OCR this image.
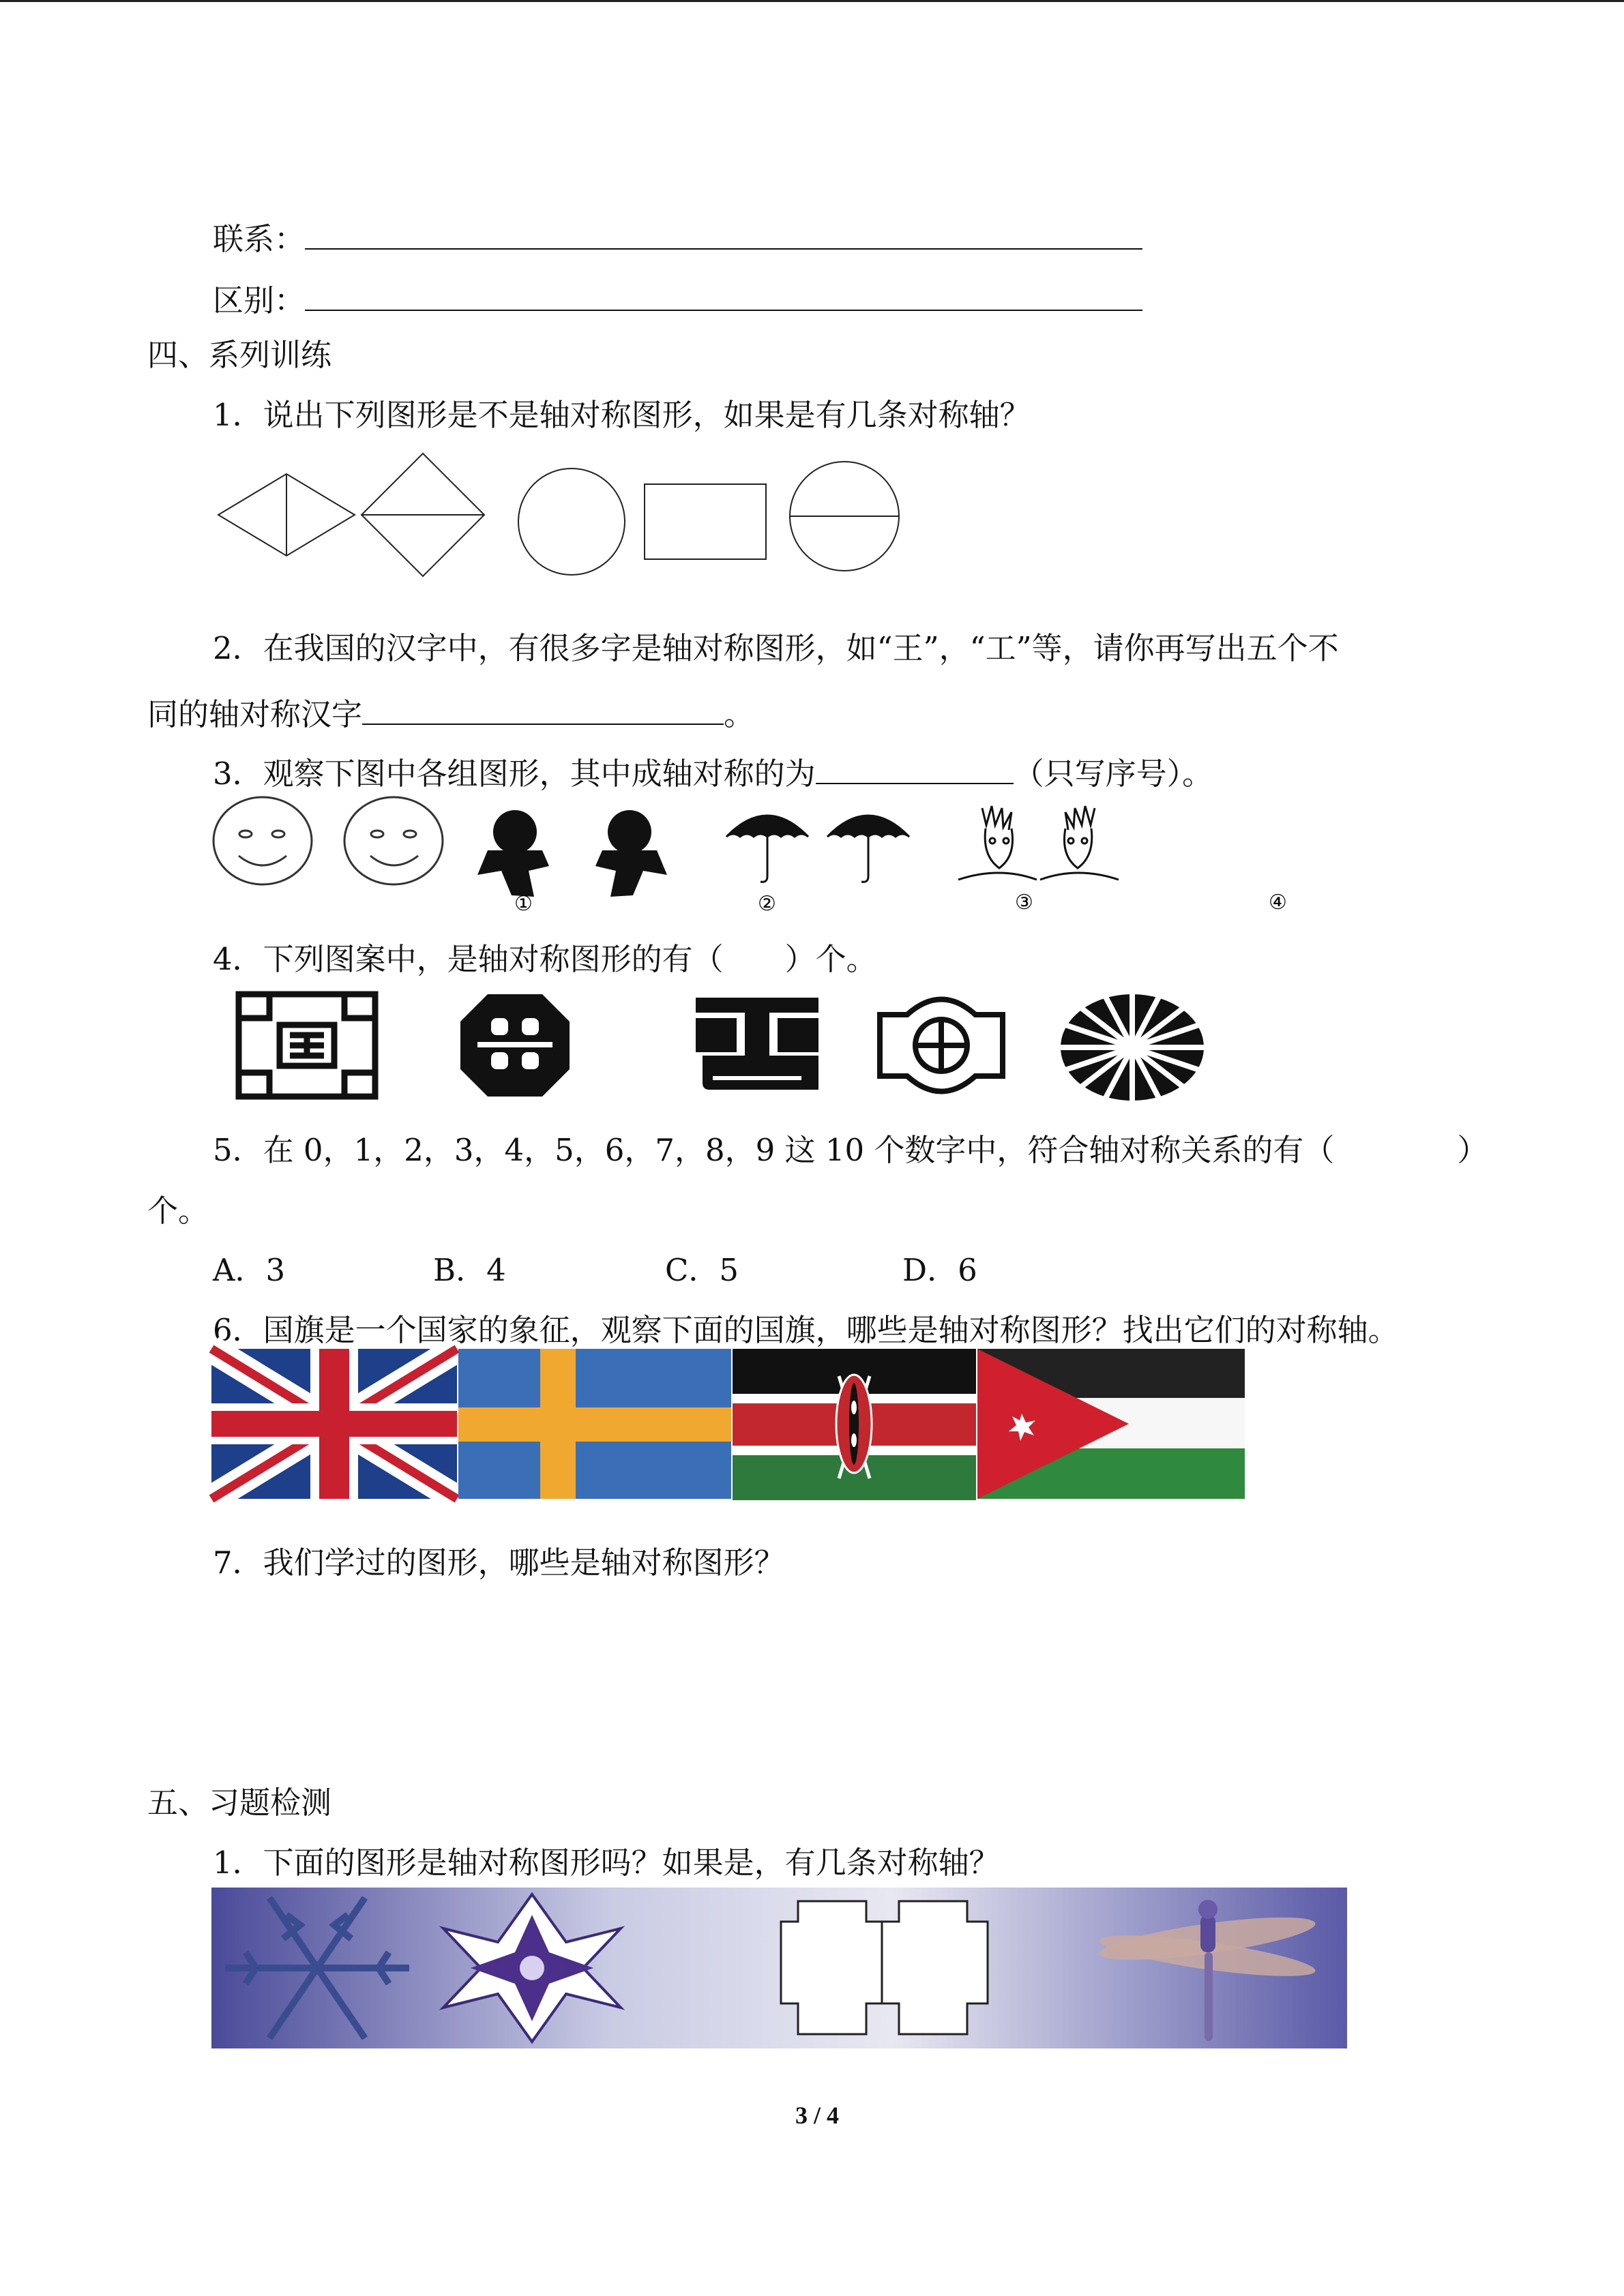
联系：
区别：
四、系列训练
1．说出下列图形是不是轴对称图形，如果是有几条对称轴？
2．在我国的汉字中，有很多字是轴对称图形，如“王”，“工”等，请你再写出五个不
同的轴对称汉字	。
3．观察下图中各组图形，其中成轴对称的为	（只写序号）。
①	②	③	④
4．下列图案中，是轴对称图形的有（　　）个。
5．在 0，1，2，3，4，5，6，7，8，9 这 10 个数字中，符合轴对称关系的有（　　　　）
个。
A．3	B．4	C．5	D．6
6．国旗是一个国家的象征，观察下面的国旗，哪些是轴对称图形？找出它们的对称轴。
7．我们学过的图形，哪些是轴对称图形？
五、习题检测
1．下面的图形是轴对称图形吗？如果是，有几条对称轴？
3 / 4
